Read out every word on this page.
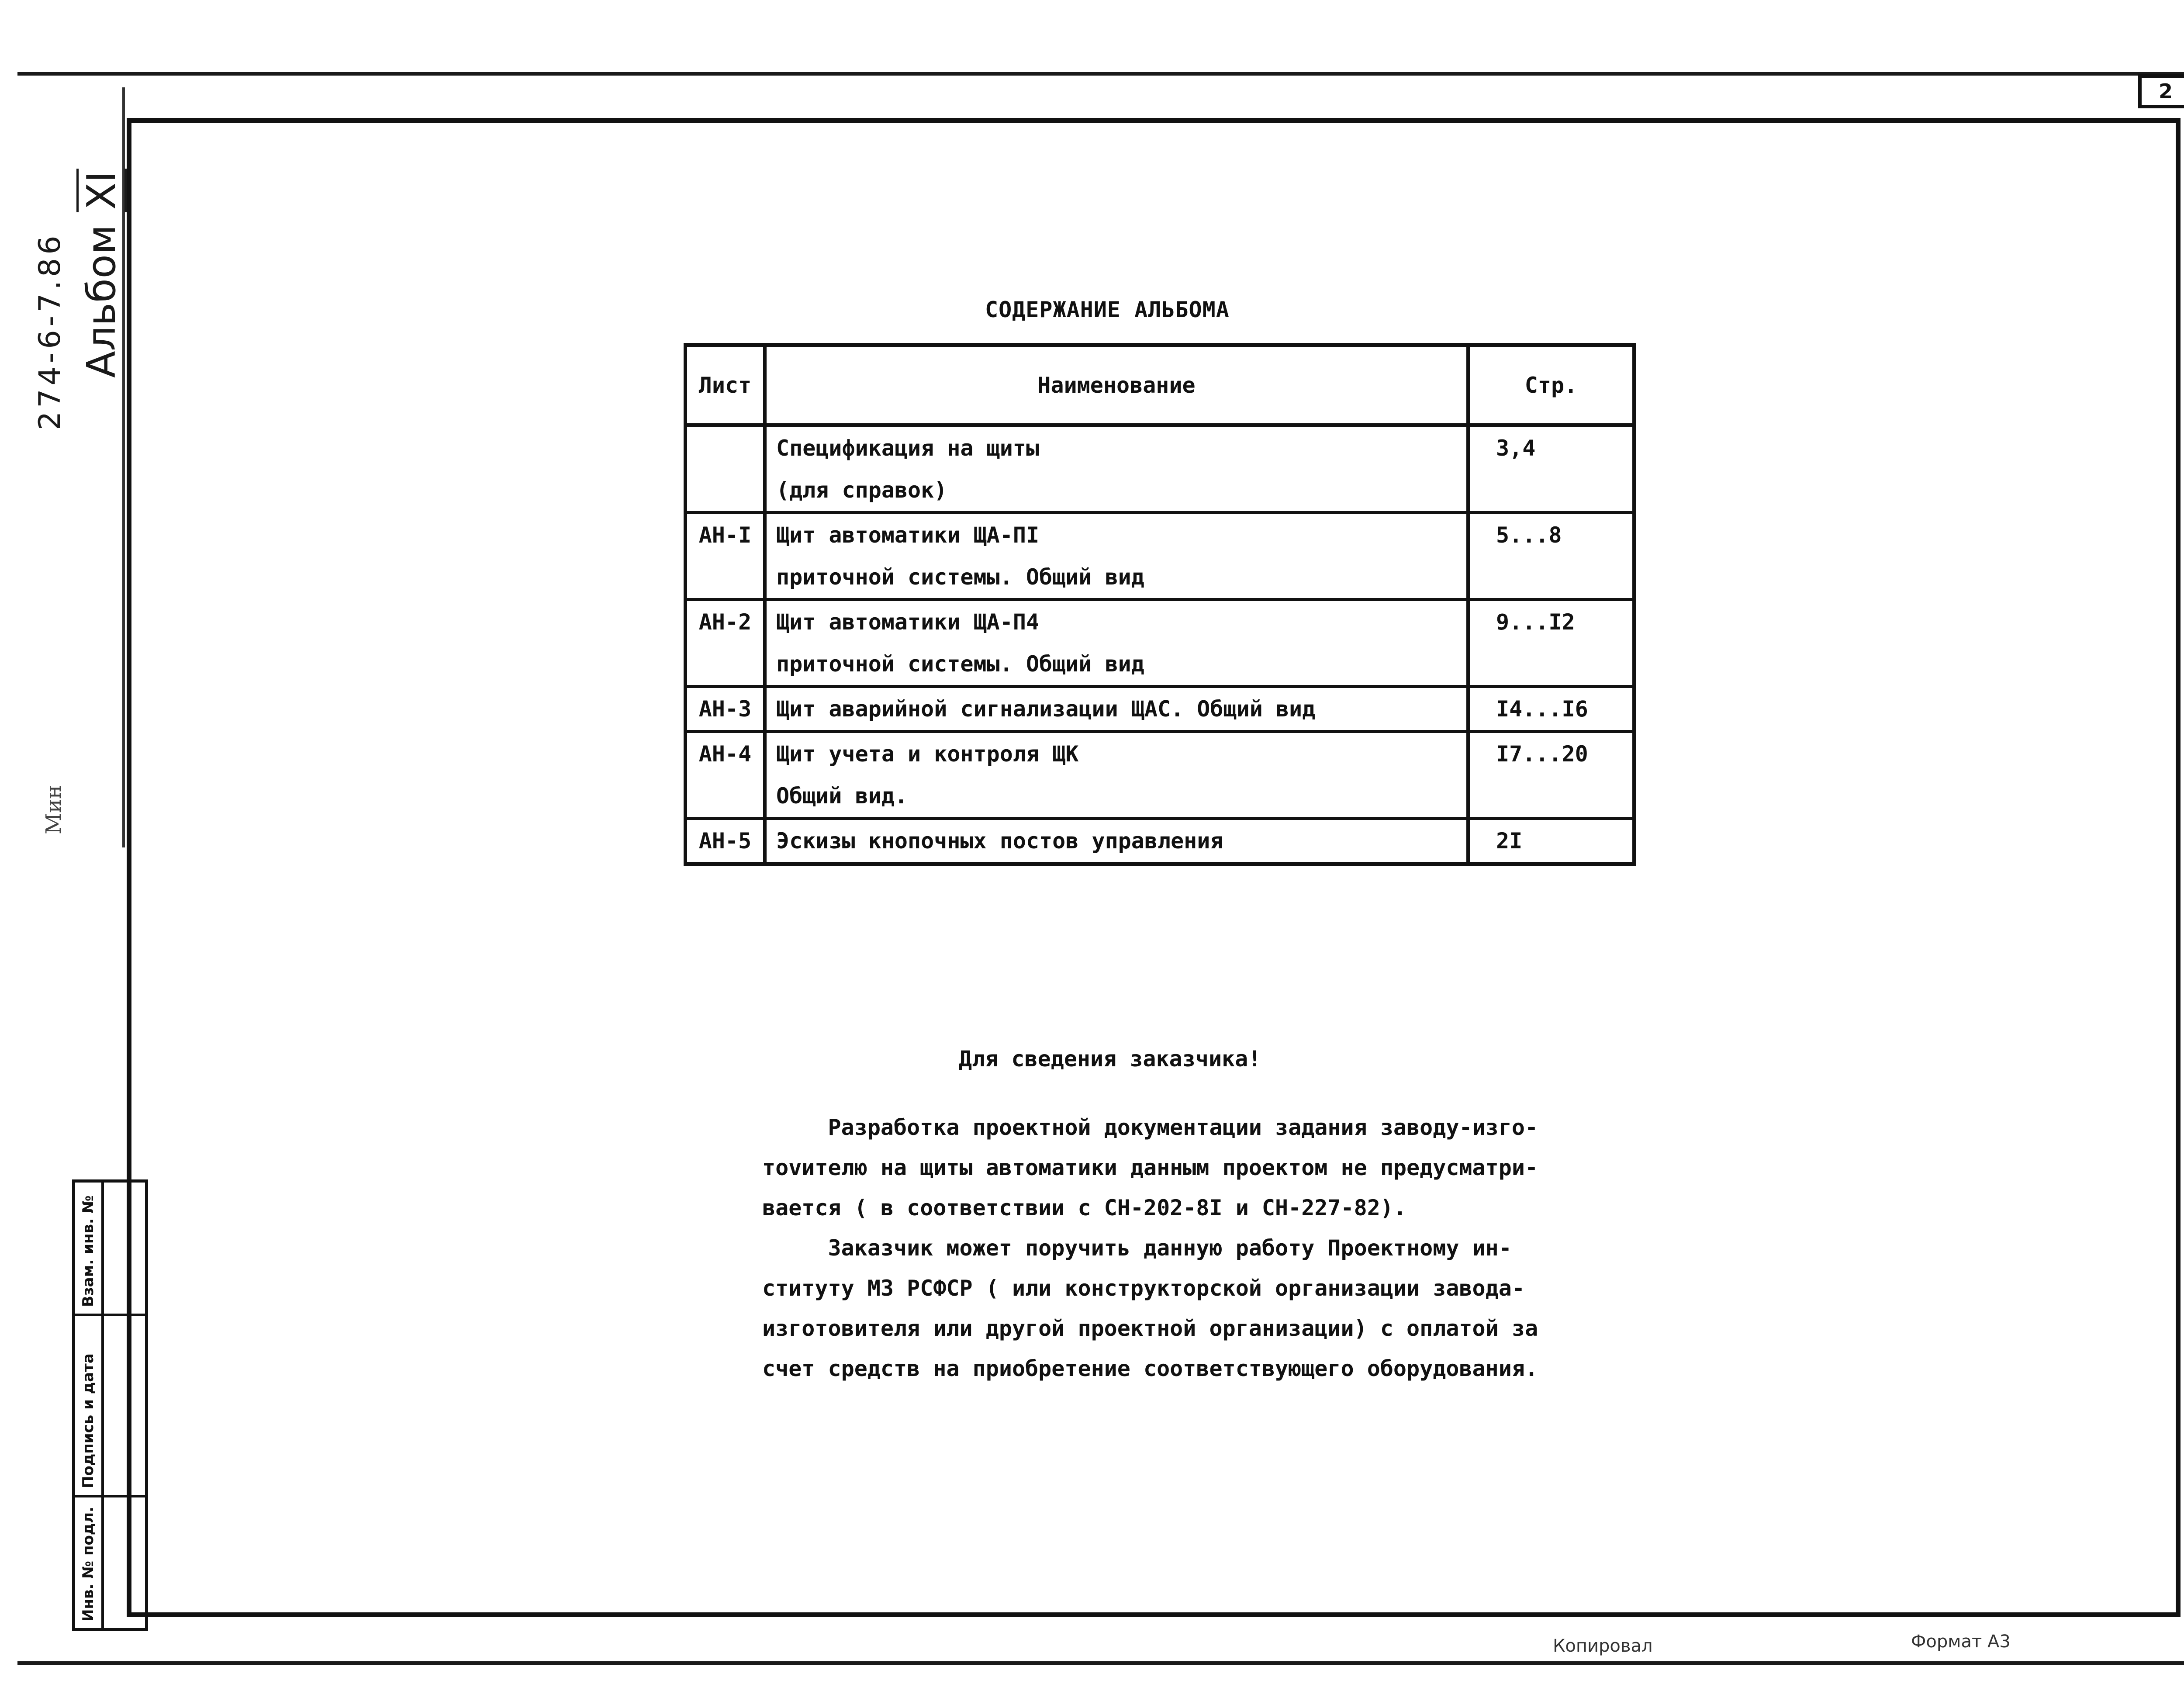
2
274-6-7.86 Альбом XI
Мин
Инв. № подл.
Подпись и дата
Взам. инв. №
СОДЕРЖАНИЕ АЛЬБОМА
Лист	Наименование	Стр.
	Спецификация на щиты	3,4
	(для справок)	
АН-I	Щит автоматики ЩА-ПI	5...8
	приточной системы. Общий вид	
АН-2	Щит автоматики ЩА-П4	9...I2
	приточной системы. Общий вид	
АН-3	Щит аварийной сигнализации ЩАС. Общий вид	I4...I6
АН-4	Щит учета и контроля ЩК	I7...20
	Общий вид.	
АН-5	Эскизы кнопочных постов управления	2I
Для сведения заказчика!
Разработка проектной документации задания заводу-изго-
тovителю на щиты автоматики данным проектом не предусматри-
вается ( в соответствии с СН-202-8I и СН-227-82).
Заказчик может поручить данную работу Проектному ин-
ституту МЗ РСФСР ( или конструкторской организации завода-
изготовителя или другой проектной организации) с оплатой за
счет средств на приобретение соответствующего оборудования.
Копировал	Формат А3
